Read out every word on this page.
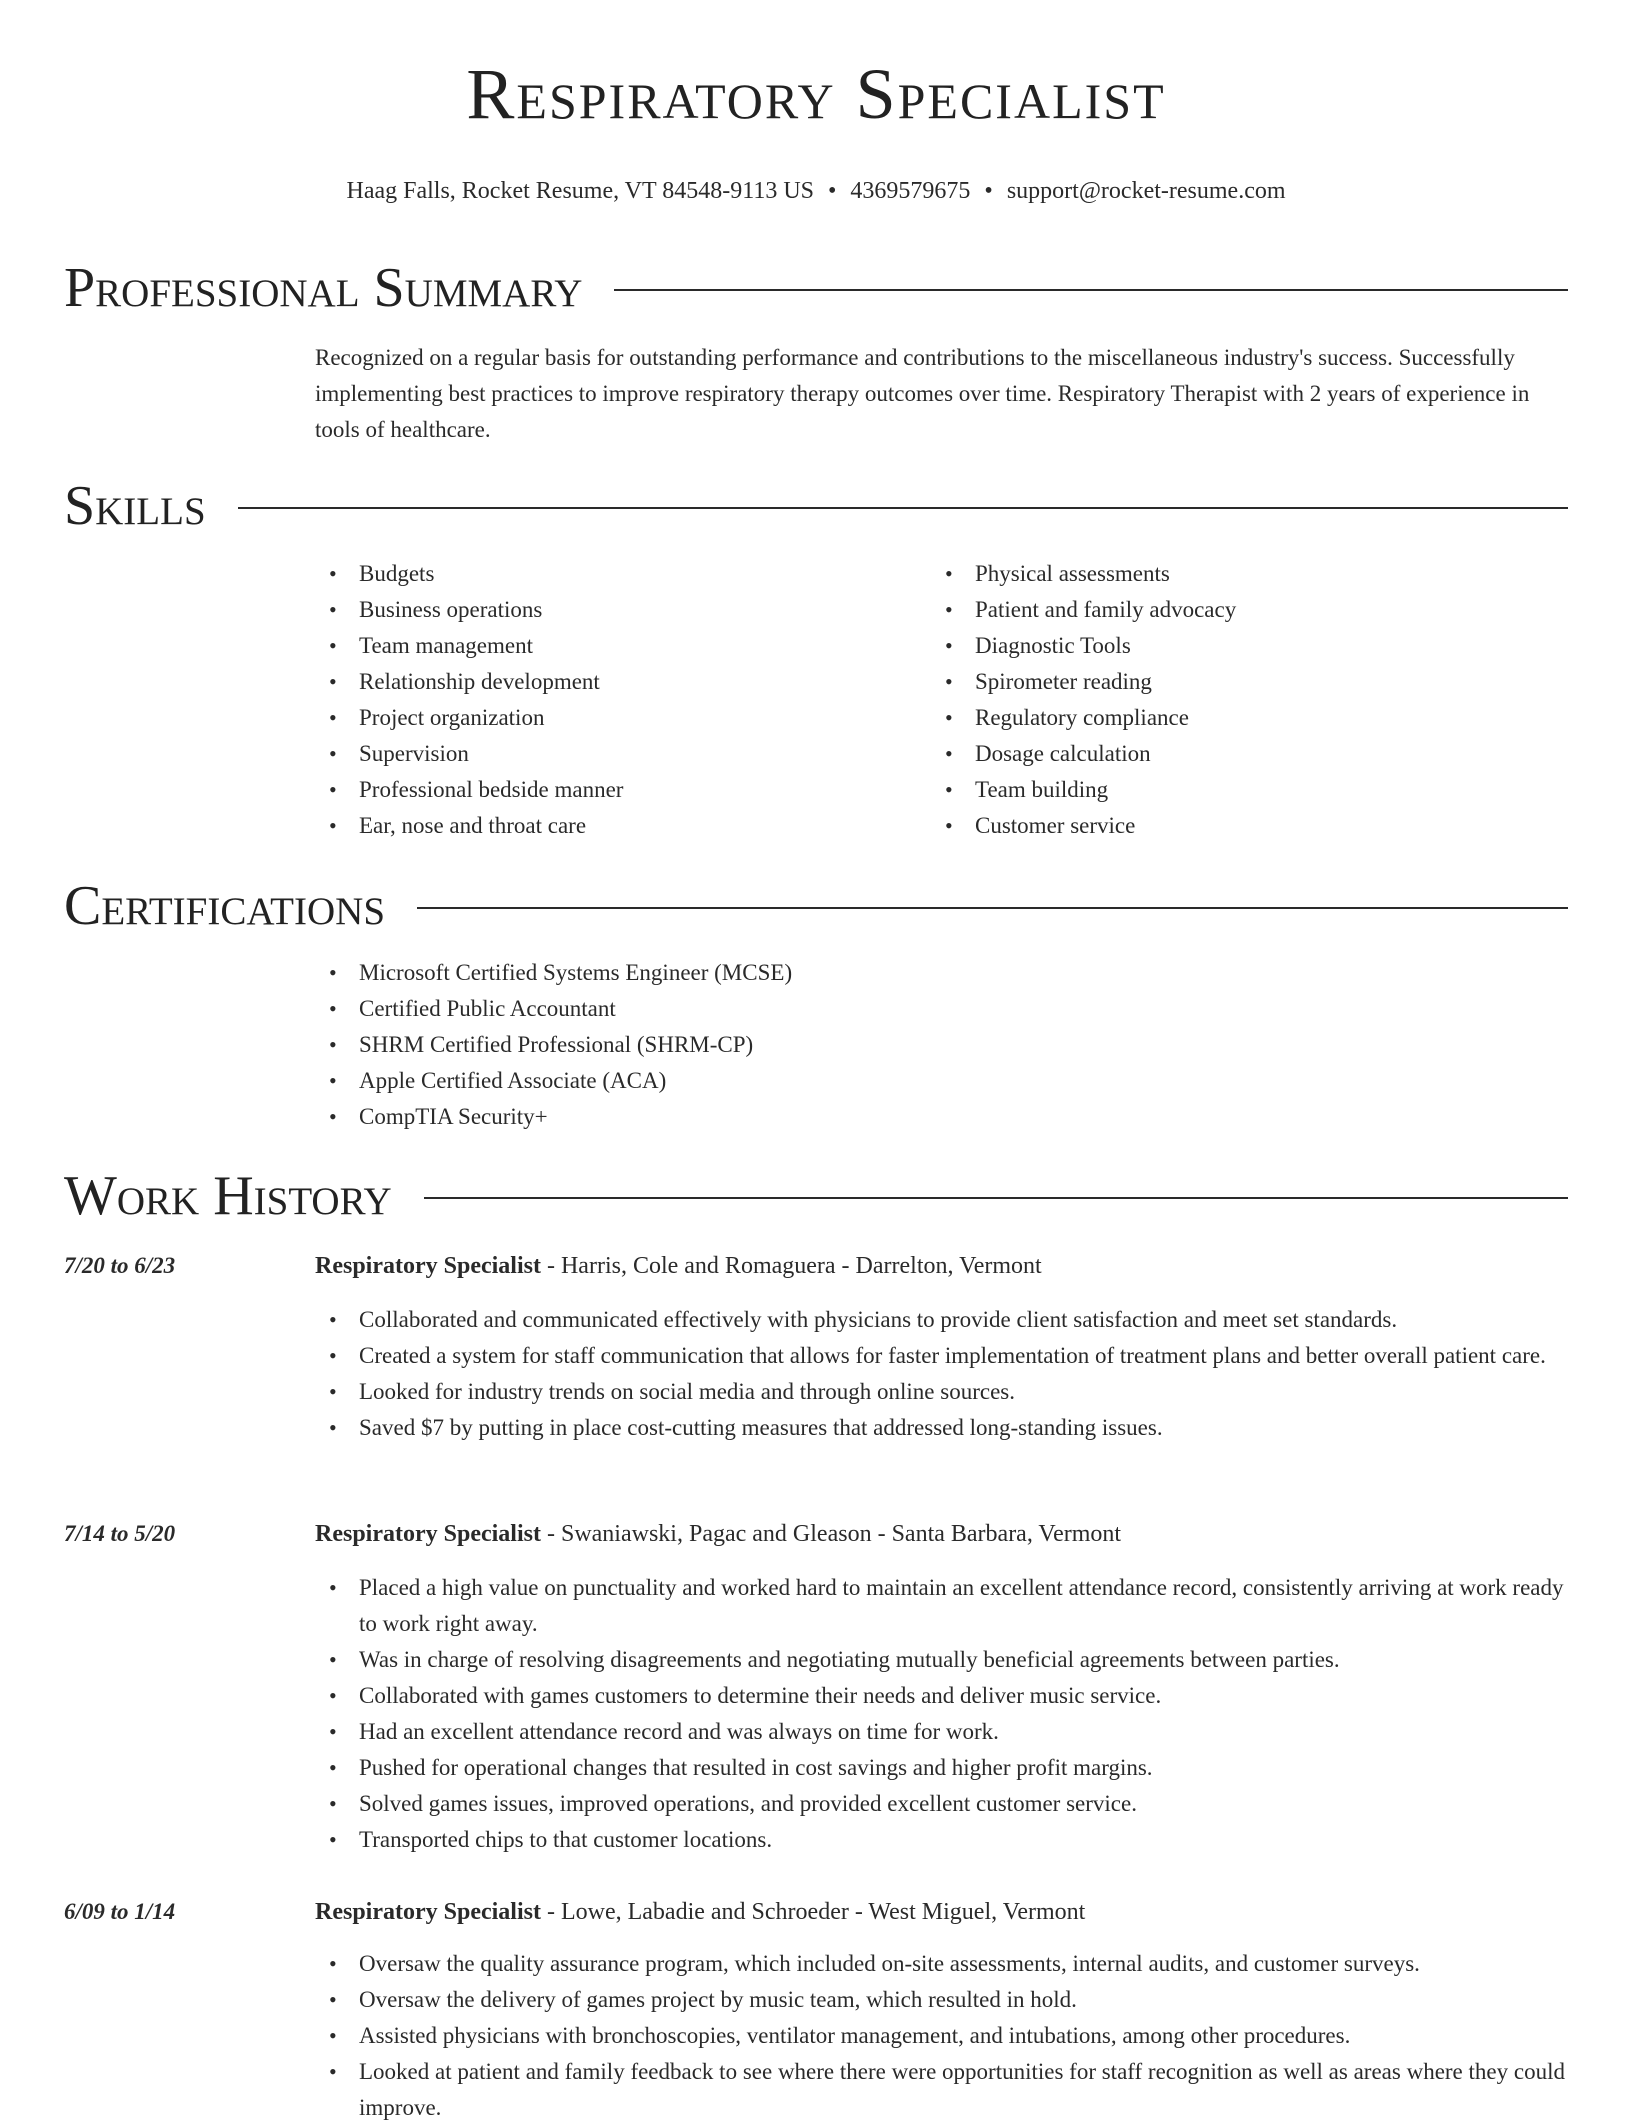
Respiratory Specialist
Haag Falls, Rocket Resume, VT 84548-9113 US • 4369579675 • support@rocket-resume.com
Professional Summary

Recognized on a regular basis for outstanding performance and contributions to the miscellaneous industry's success. Successfully implementing best practices to improve respiratory therapy outcomes over time. Respiratory Therapist with 2 years of experience in tools of healthcare.

Skills
• Budgets
• Business operations
• Team management
• Relationship development
• Project organization
• Supervision
• Professional bedside manner
• Ear, nose and throat care
• Physical assessments
• Patient and family advocacy
• Diagnostic Tools
• Spirometer reading
• Regulatory compliance
• Dosage calculation
• Team building
• Customer service
Certifications
• Microsoft Certified Systems Engineer (MCSE)
• Certified Public Accountant
• SHRM Certified Professional (SHRM-CP)
• Apple Certified Associate (ACA)
• CompTIA Security+
Work History
7/20 to 6/23	Respiratory Specialist - Harris, Cole and Romaguera - Darrelton, Vermont
• Collaborated and communicated effectively with physicians to provide client satisfaction and meet set standards.
• Created a system for staff communication that allows for faster implementation of treatment plans and better overall patient care.
• Looked for industry trends on social media and through online sources.
• Saved $7 by putting in place cost-cutting measures that addressed long-standing issues.
7/14 to 5/20	Respiratory Specialist - Swaniawski, Pagac and Gleason - Santa Barbara, Vermont
• Placed a high value on punctuality and worked hard to maintain an excellent attendance record, consistently arriving at work ready to work right away.
• Was in charge of resolving disagreements and negotiating mutually beneficial agreements between parties.
• Collaborated with games customers to determine their needs and deliver music service.
• Had an excellent attendance record and was always on time for work.
• Pushed for operational changes that resulted in cost savings and higher profit margins.
• Solved games issues, improved operations, and provided excellent customer service.
• Transported chips to that customer locations.
6/09 to 1/14	Respiratory Specialist - Lowe, Labadie and Schroeder - West Miguel, Vermont
• Oversaw the quality assurance program, which included on-site assessments, internal audits, and customer surveys.
• Oversaw the delivery of games project by music team, which resulted in hold.
• Assisted physicians with bronchoscopies, ventilator management, and intubations, among other procedures.
• Looked at patient and family feedback to see where there were opportunities for staff recognition as well as areas where they could improve.
